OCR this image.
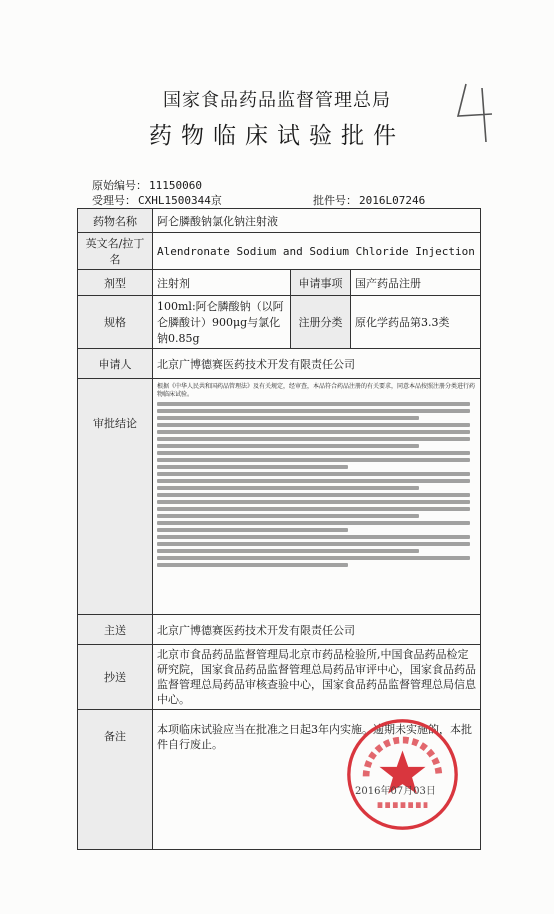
国家食品药品监督管理总局
药物临床试验批件
原始编号： 11150060
受理号： CXHL1500344京	批件号： 2016L07246
药物名称	阿仑膦酸钠氯化钠注射液		
英文名/拉丁名	Alendronate Sodium and Sodium Chloride Injection		
剂型	注射剂	申请事项	国产药品注册
规格	100ml:阿仑膦酸钠（以阿仑膦酸计）900μg与氯化钠0.85g	注册分类	原化学药品第3.3类
申请人	北京广博德赛医药技术开发有限责任公司		
审批结论	根据《中华人民共和国药品管理法》及有关规定，经审查，本品符合药品注册的有关要求，同意本品按照注册分类进行药物临床试验。		

主送	北京广博德赛医药技术开发有限责任公司		
抄送	北京市食品药品监督管理局北京市药品检验所,中国食品药品检定研究院，国家食品药品监督管理总局药品审评中心，国家食品药品监督管理总局药品审核查验中心，国家食品药品监督管理总局信息中心。		
备注	本项临床试验应当在批准之日起3年内实施。逾期未实施的，本批件自行废止。		
2016年07月03日
